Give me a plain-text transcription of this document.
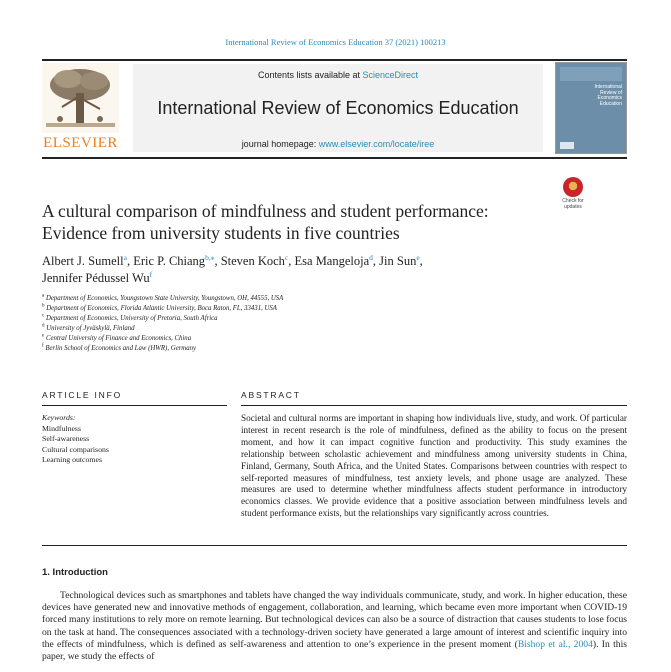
International Review of Economics Education 37 (2021) 100213
ELSEVIER
Contents lists available at ScienceDirect
International Review of Economics Education
journal homepage: www.elsevier.com/locate/iree
International Review of Economics Education
Check for updates
A cultural comparison of mindfulness and student performance:
Evidence from university students in five countries
Albert J. Sumell$^a$, Eric P. Chiang$^{b,⁎}$, Steven Koch$^c$, Esa Mangeloja$^d$, Jin Sun$^e$,
Jennifer Pédussel Wu$^f$
$^a$ Department of Economics, Youngstown State University, Youngstown, OH, 44555, USA
$^b$ Department of Economics, Florida Atlantic University, Boca Raton, FL, 33431, USA
$^c$ Department of Economics, University of Pretoria, South Africa
$^d$ University of Jyväskylä, Finland
$^e$ Central University of Finance and Economics, China
$^f$ Berlin School of Economics and Law (HWR), Germany
ARTICLE INFO	ABSTRACT
Keywords:
Mindfulness
Self-awareness
Cultural comparisons
Learning outcomes
Societal and cultural norms are important in shaping how individuals live, study, and work. Of particular interest in recent research is the role of mindfulness, defined as the ability to focus on the present moment, and how it can impact cognitive function and productivity. This study examines the relationship between scholastic achievement and mindfulness among university students in China, Finland, Germany, South Africa, and the United States. Comparisons between countries with respect to self-reported measures of mindfulness, test anxiety levels, and phone usage are analyzed. These measures are used to determine whether mindfulness affects student performance in introductory economics classes. We provide evidence that a positive association between mindfulness levels and student performance exists, but the relationships vary significantly across countries.
1. Introduction
Technological devices such as smartphones and tablets have changed the way individuals communicate, study, and work. In higher education, these devices have generated new and innovative methods of engagement, collaboration, and learning, which became even more important when COVID-19 forced many institutions to rely more on remote learning. But technological devices can also be a source of distraction that causes students to lose focus on the task at hand. The consequences associated with a technology-driven society have generated a large amount of interest and scientific inquiry into the effects of mindfulness, which is defined as self-awareness and attention to one’s experience in the present moment (Bishop et al., 2004). In this paper, we study the effects of
